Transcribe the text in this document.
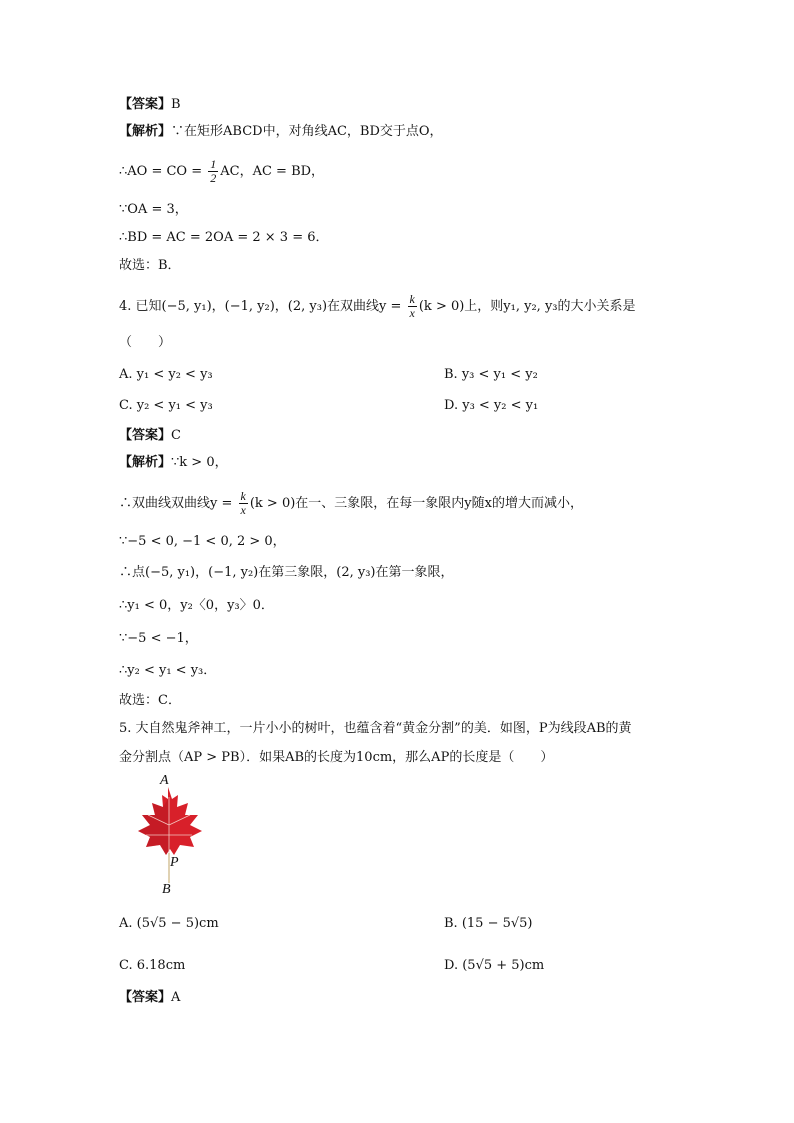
【答案】B
【解析】∵在矩形ABCD中，对角线AC，BD交于点O，
∴AO = CO = $\frac{1}{2}$ AC，AC = BD，
∵OA = 3，
∴BD = AC = 2OA = 2 × 3 = 6．
故选：B．
4. 已知(−5, y₁)，(−1, y₂)，(2, y₃)在双曲线$y = \frac{k}{x} (k > 0)$上，则y₁, y₂, y₃的大小关系是
（　　）
A. y₁ < y₂ < y₃	B. y₃ < y₁ < y₂
C. y₂ < y₁ < y₃	D. y₃ < y₂ < y₁
【答案】C
【解析】∵k > 0，
∴双曲线双曲线$y = \frac{k}{x} (k > 0)$在一、三象限，在每一象限内y随x的增大而减小，
∵−5 < 0, −1 < 0, 2 > 0，
∴点(−5, y₁)，(−1, y₂)在第三象限，(2, y₃)在第一象限，
∴y₁ < 0，y₂〈0，y₃〉0．
∵−5 < −1，
∴y₂ < y₁ < y₃．
故选：C．
5. 大自然鬼斧神工，一片小小的树叶，也蕴含着“黄金分割”的美．如图，P为线段AB的黄
金分割点（AP > PB）．如果AB的长度为10cm，那么AP的长度是（　　）
A
P
B
A. (5√5 − 5)cm	B. (15 − 5√5)
C. 6.18cm	D. (5√5 + 5)cm
【答案】A
